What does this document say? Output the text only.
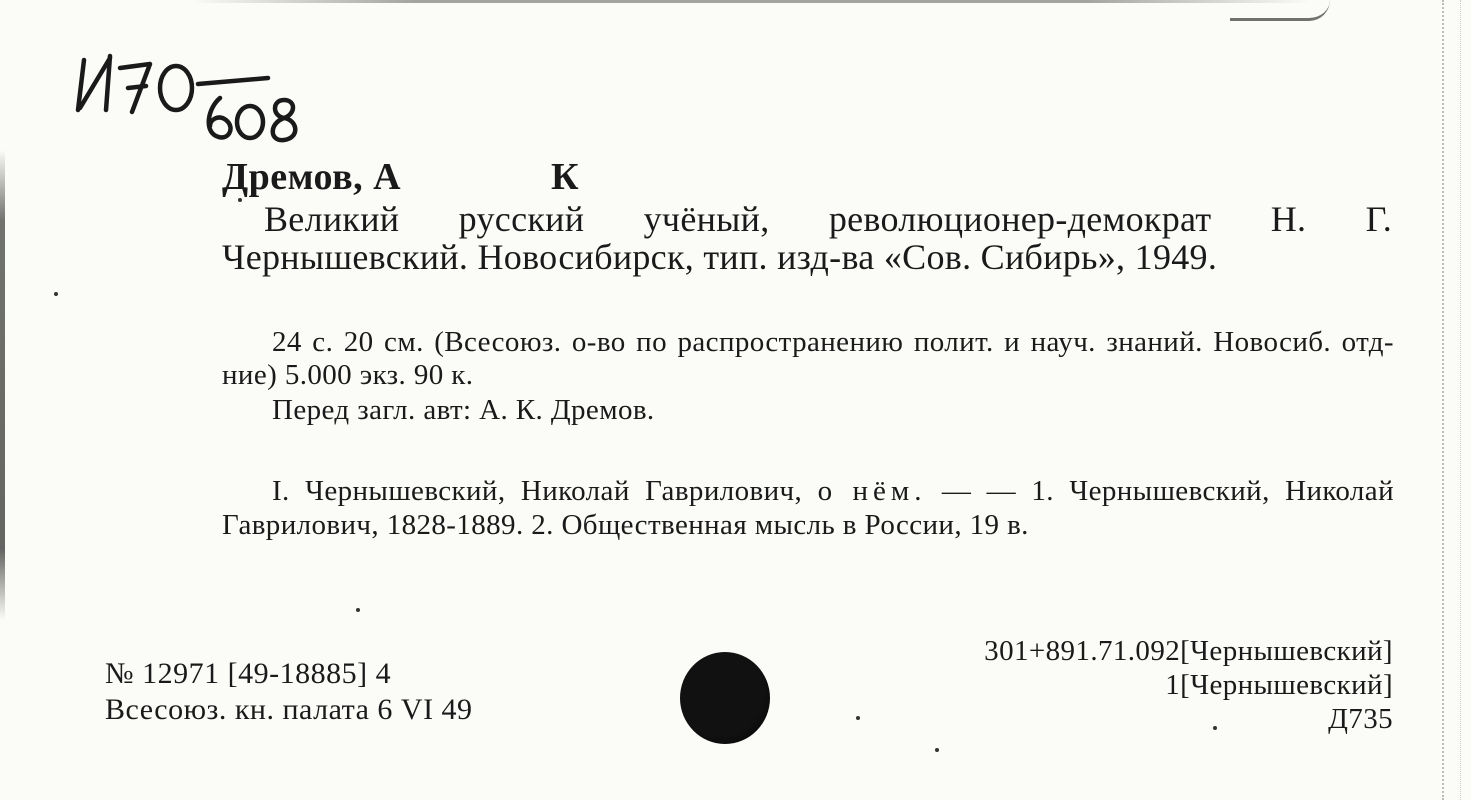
Дремов, А	К
Великий русский учёный, революционер-демократ Н. Г. Чернышевский. Новосибирск, тип. изд-ва «Сов. Сибирь», 1949.
24 с. 20 см. (Всесоюз. о-во по распространению полит. и науч. знаний. Новосиб. отд-ние) 5.000 экз. 90 к.
Перед загл. авт: А. К. Дремов.
I. Чернышевский, Николай Гаврилович, о нём. — — 1. Чернышевский, Николай Гаврилович, 1828-1889. 2. Общественная мысль в России, 19 в.
№ 12971 [49-18885] 4
Всесоюз. кн. палата 6 VI 49
301+891.71.092[Чернышевский]
1[Чернышевский]
Д735
